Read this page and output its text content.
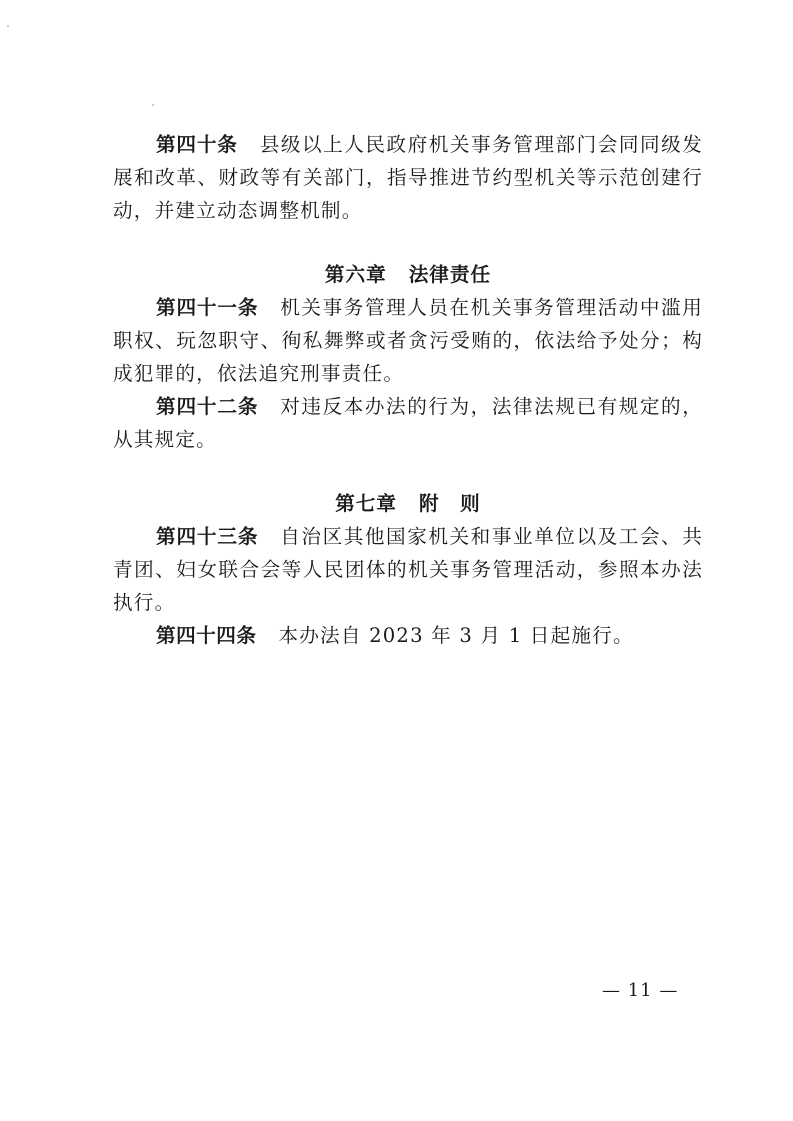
第四十条 县级以上人民政府机关事务管理部门会同同级发展和改革、财政等有关部门，指导推进节约型机关等示范创建行动，并建立动态调整机制。

第六章 法律责任

第四十一条 机关事务管理人员在机关事务管理活动中滥用职权、玩忽职守、徇私舞弊或者贪污受贿的，依法给予处分；构成犯罪的，依法追究刑事责任。

第四十二条 对违反本办法的行为，法律法规已有规定的，从其规定。

第七章 附　则

第四十三条 自治区其他国家机关和事业单位以及工会、共青团、妇女联合会等人民团体的机关事务管理活动，参照本办法执行。

第四十四条 本办法自 2023 年 3 月 1 日起施行。

— 11 —
